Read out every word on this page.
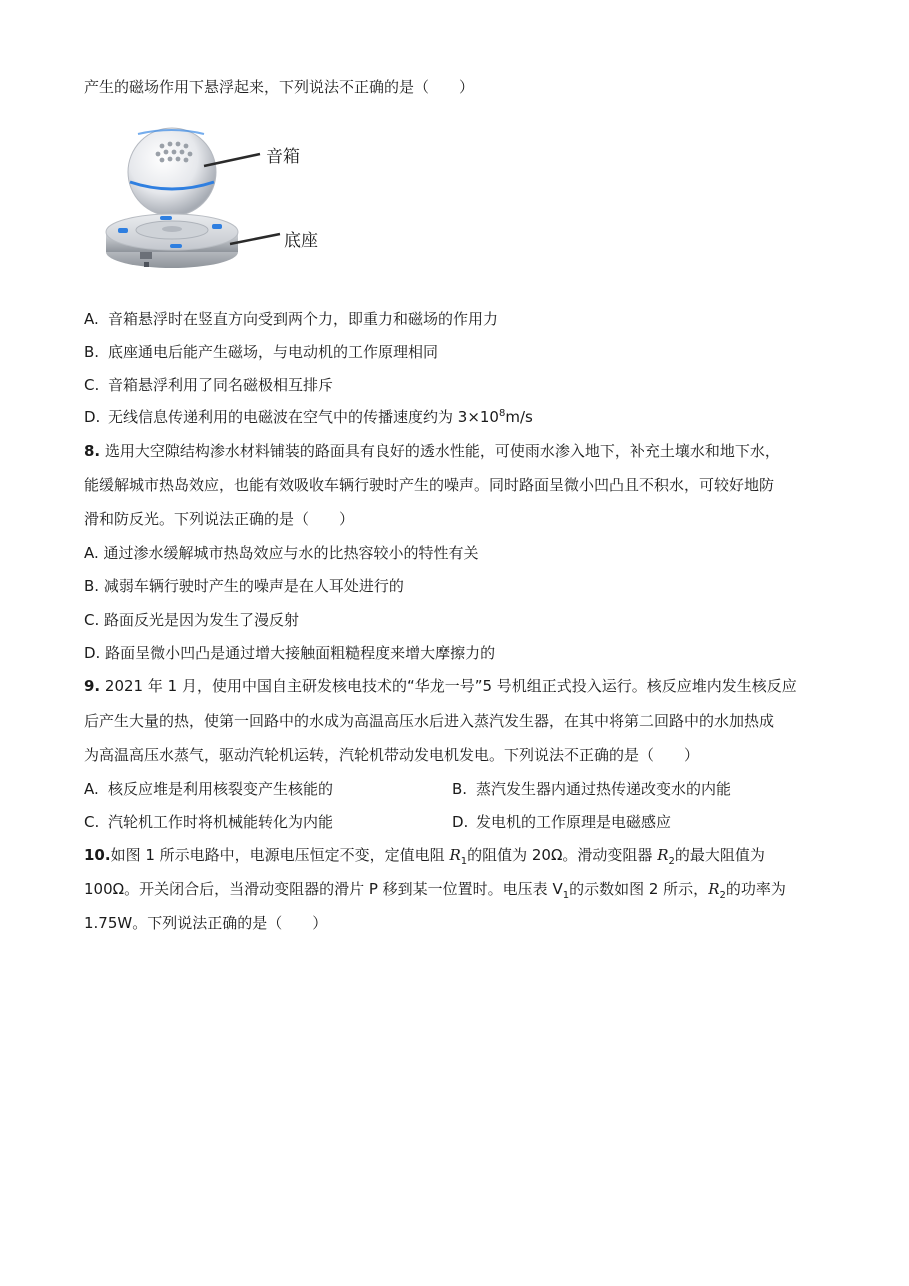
产生的磁场作用下悬浮起来，下列说法不正确的是（　　）
音箱
底座
A. 音箱悬浮时在竖直方向受到两个力，即重力和磁场的作用力
B. 底座通电后能产生磁场，与电动机的工作原理相同
C. 音箱悬浮利用了同名磁极相互排斥
D. 无线信息传递利用的电磁波在空气中的传播速度约为 $3\times 10^8m/s$
8. 选用大空隙结构渗水材料铺装的路面具有良好的透水性能，可使雨水渗入地下，补充土壤水和地下水，
能缓解城市热岛效应，也能有效吸收车辆行驶时产生的噪声。同时路面呈微小凹凸且不积水，可较好地防
滑和防反光。下列说法正确的是（　　）
A. 通过渗水缓解城市热岛效应与水的比热容较小的特性有关
B. 减弱车辆行驶时产生的噪声是在人耳处进行的
C. 路面反光是因为发生了漫反射
D. 路面呈微小凹凸是通过增大接触面粗糙程度来增大摩擦力的
9. 2021 年 1 月，使用中国自主研发核电技术的“华龙一号”5 号机组正式投入运行。核反应堆内发生核反应
后产生大量的热，使第一回路中的水成为高温高压水后进入蒸汽发生器，在其中将第二回路中的水加热成
为高温高压水蒸气，驱动汽轮机运转，汽轮机带动发电机发电。下列说法不正确的是（　　）
A. 核反应堆是利用核裂变产生核能的	B. 蒸汽发生器内通过热传递改变水的内能
C. 汽轮机工作时将机械能转化为内能	D. 发电机的工作原理是电磁感应
10.如图 1 所示电路中，电源电压恒定不变，定值电阻 $R_1$的阻值为 20Ω。滑动变阻器 $R_2$的最大阻值为
100Ω。开关闭合后，当滑动变阻器的滑片 P 移到某一位置时。电压表 $V_1$的示数如图 2 所示，$R_2$的功率为
1.75W。下列说法正确的是（　　）
